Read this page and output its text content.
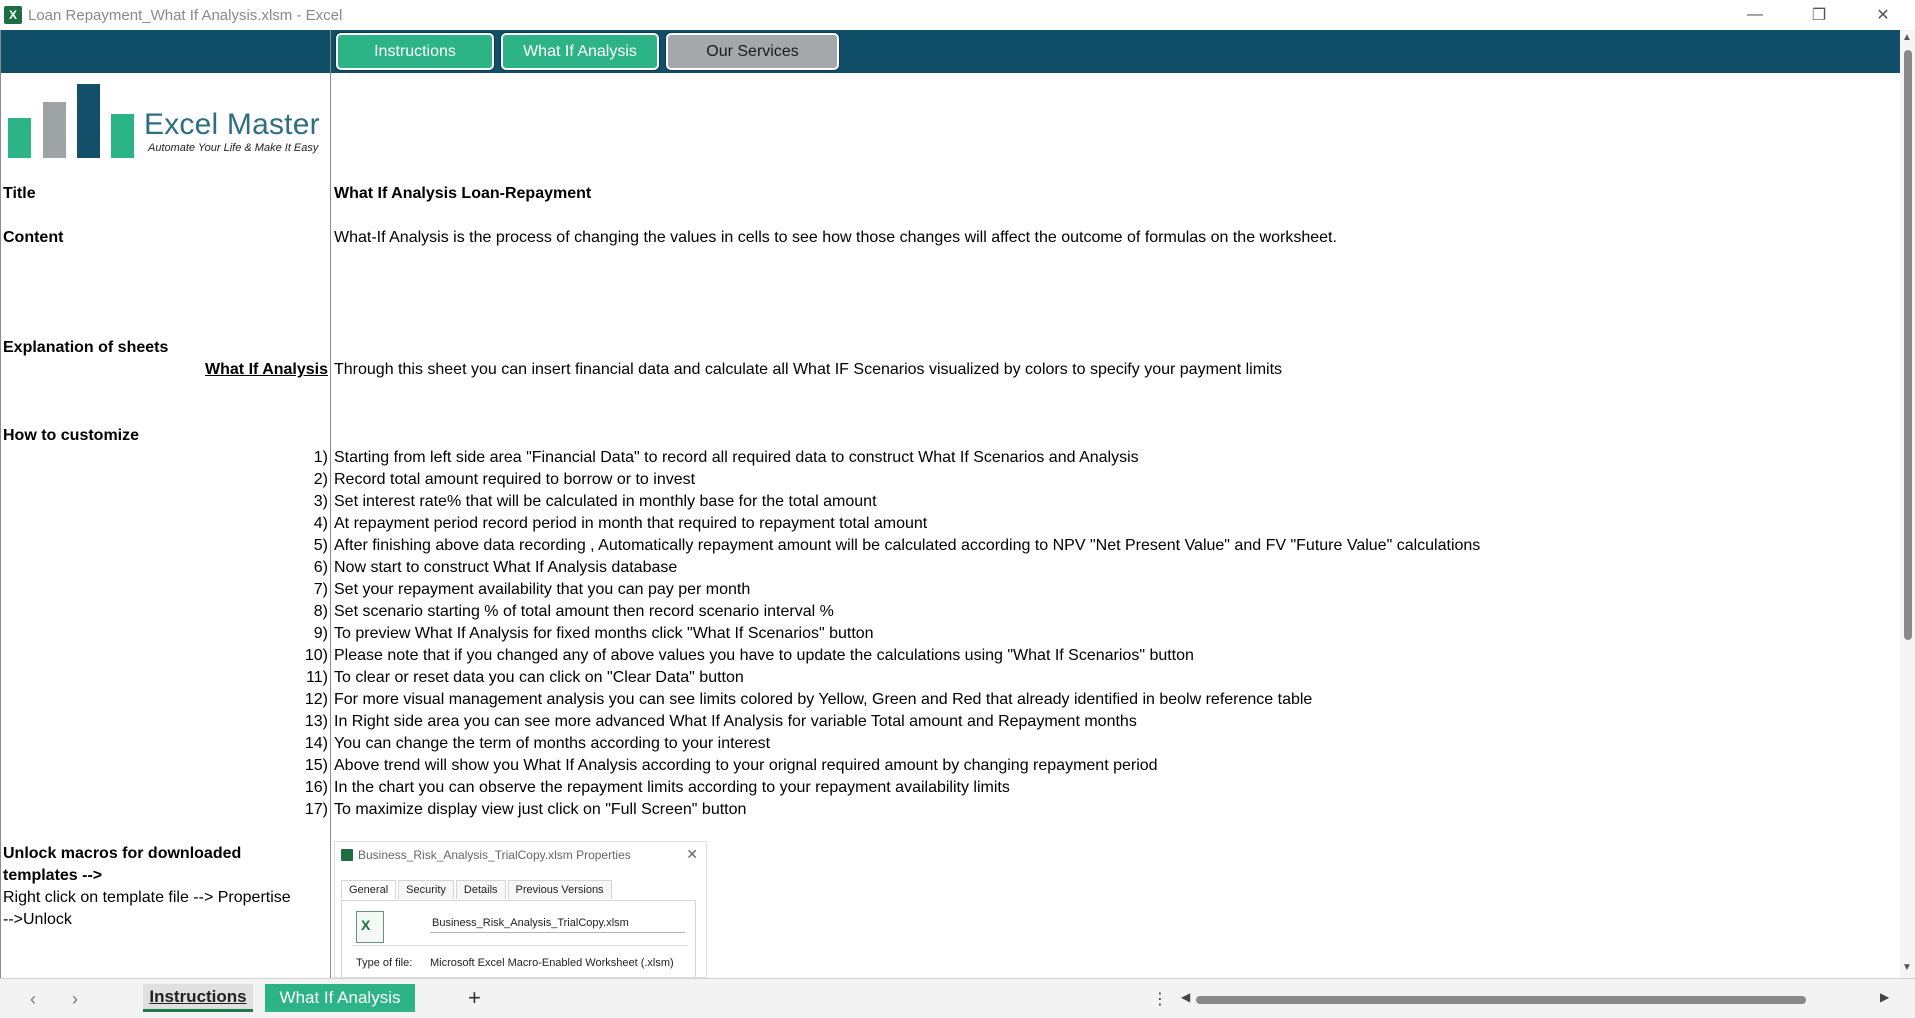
X Loan Repayment_What If Analysis.xlsm - Excel	—	❐	✕
Instructions	What If Analysis	Our Services
Excel Master
Automate Your Life & Make It Easy
Title	What If Analysis Loan-Repayment
Content	What-If Analysis is the process of changing the values in cells to see how those changes will affect the outcome of formulas on the worksheet.
Explanation of sheets
What If Analysis Through this sheet you can insert financial data and calculate all What IF Scenarios visualized by colors to specify your payment limits
How to customize
1) Starting from left side area "Financial Data" to record all required data to construct What If Scenarios and Analysis
2) Record total amount required to borrow or to invest
3) Set interest rate% that will be calculated in monthly base for the total amount
4) At repayment period record period in month that required to repayment total amount
5) After finishing above data recording , Automatically repayment amount will be calculated according to NPV "Net Present Value" and FV "Future Value" calculations
6) Now start to construct What If Analysis database
7) Set your repayment availability that you can pay per month
8) Set scenario starting % of total amount then record scenario interval %
9) To preview What If Analysis for fixed months click "What If Scenarios" button
10) Please note that if you changed any of above values you have to update the calculations using "What If Scenarios" button
11) To clear or reset data you can click on "Clear Data" button
12) For more visual management analysis you can see limits colored by Yellow, Green and Red that already identified in beolw reference table
13) In Right side area you can see more advanced What If Analysis for variable Total amount and Repayment months
14) You can change the term of months according to your interest
15) Above trend will show you What If Analysis according to your orignal required amount by changing repayment period
16) In the chart you can observe the repayment limits according to your repayment availability limits
17) To maximize display view just click on "Full Screen" button
Unlock macros for downloaded
templates -->
Right click on template file --> Propertise
-->Unlock
Business_Risk_Analysis_TrialCopy.xlsm Properties	✕
General	Security	Details	Previous Versions
X
Business_Risk_Analysis_TrialCopy.xlsm
Type of file: Microsoft Excel Macro-Enabled Worksheet (.xlsm)
▲
▼
‹ ›	Instructions	What If Analysis	+	⋮ ◀	▶
